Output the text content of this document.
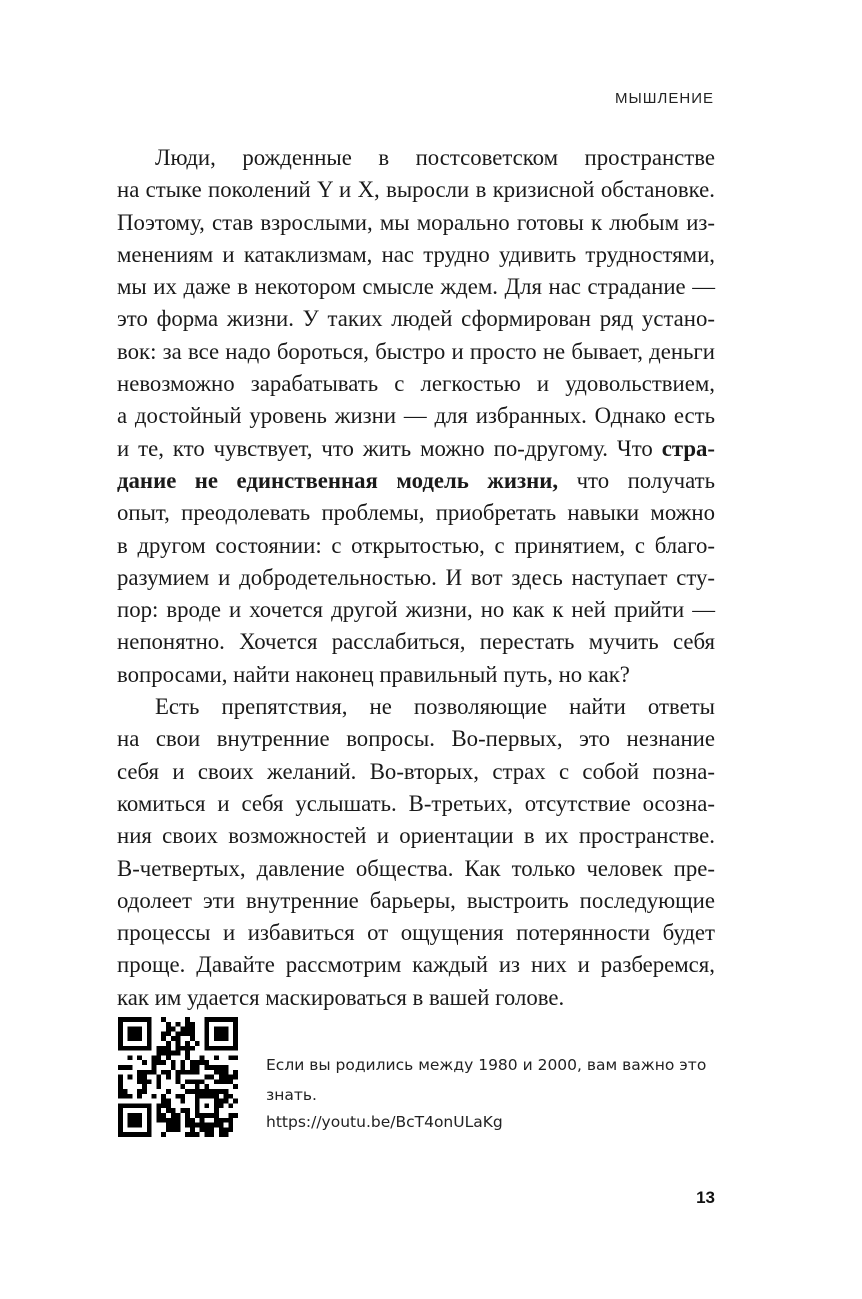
МЫШЛЕНИЕ
Люди, рожденные в постсоветском пространстве
на стыке поколений Y и X, выросли в кризисной обстановке.
Поэтому, став взрослыми, мы морально готовы к любым из-
менениям и катаклизмам, нас трудно удивить трудностями,
мы их даже в некотором смысле ждем. Для нас страдание —
это форма жизни. У таких людей сформирован ряд устано-
вок: за все надо бороться, быстро и просто не бывает, деньги
невозможно зарабатывать с легкостью и удовольствием,
а достойный уровень жизни — для избранных. Однако есть
и те, кто чувствует, что жить можно по-другому. Что стра-
дание не единственная модель жизни, что получать
опыт, преодолевать проблемы, приобретать навыки можно
в другом состоянии: с открытостью, с принятием, с благо-
разумием и добродетельностью. И вот здесь наступает сту-
пор: вроде и хочется другой жизни, но как к ней прийти —
непонятно. Хочется расслабиться, перестать мучить себя
вопросами, найти наконец правильный путь, но как?
Есть препятствия, не позволяющие найти ответы
на свои внутренние вопросы. Во-первых, это незнание
себя и своих желаний. Во-вторых, страх с собой позна-
комиться и себя услышать. В-третьих, отсутствие осозна-
ния своих возможностей и ориентации в их пространстве.
В-четвертых, давление общества. Как только человек пре-
одолеет эти внутренние барьеры, выстроить последующие
процессы и избавиться от ощущения потерянности будет
проще. Давайте рассмотрим каждый из них и разберемся,
как им удается маскироваться в вашей голове.
Если вы родились между 1980 и 2000, вам важно это знать.
https://youtu.be/BcT4onULaKg
13
